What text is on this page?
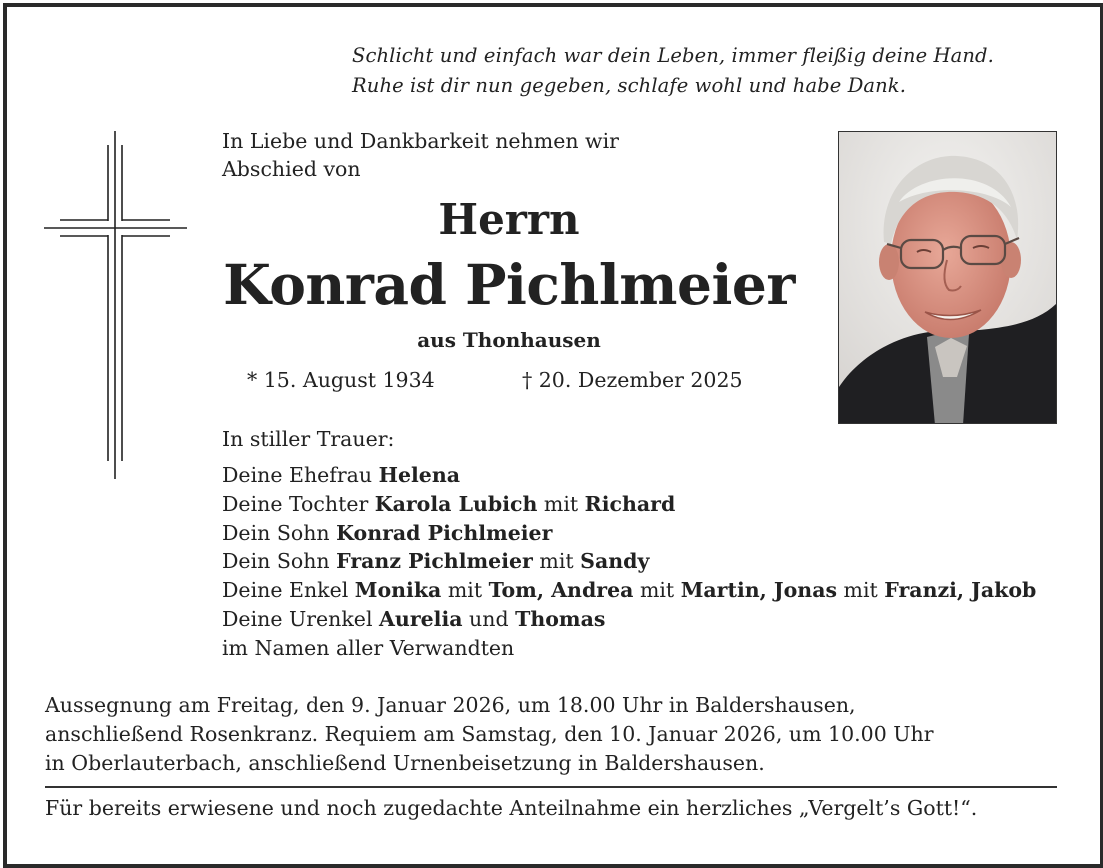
Schlicht und einfach war dein Leben, immer fleißig deine Hand.
Ruhe ist dir nun gegeben, schlafe wohl und habe Dank.
In Liebe und Dankbarkeit nehmen wir
Abschied von
Herrn
Konrad Pichlmeier
aus Thonhausen
* 15. August 1934	† 20. Dezember 2025
In stiller Trauer:
Deine Ehefrau Helena
Deine Tochter Karola Lubich mit Richard
Dein Sohn Konrad Pichlmeier
Dein Sohn Franz Pichlmeier mit Sandy
Deine Enkel Monika mit Tom, Andrea mit Martin, Jonas mit Franzi, Jakob
Deine Urenkel Aurelia und Thomas
im Namen aller Verwandten
Aussegnung am Freitag, den 9. Januar 2026, um 18.00 Uhr in Baldershausen,
anschließend Rosenkranz. Requiem am Samstag, den 10. Januar 2026, um 10.00 Uhr
in Oberlauterbach, anschließend Urnenbeisetzung in Baldershausen.
Für bereits erwiesene und noch zugedachte Anteilnahme ein herzliches „Vergelt’s Gott!“.
